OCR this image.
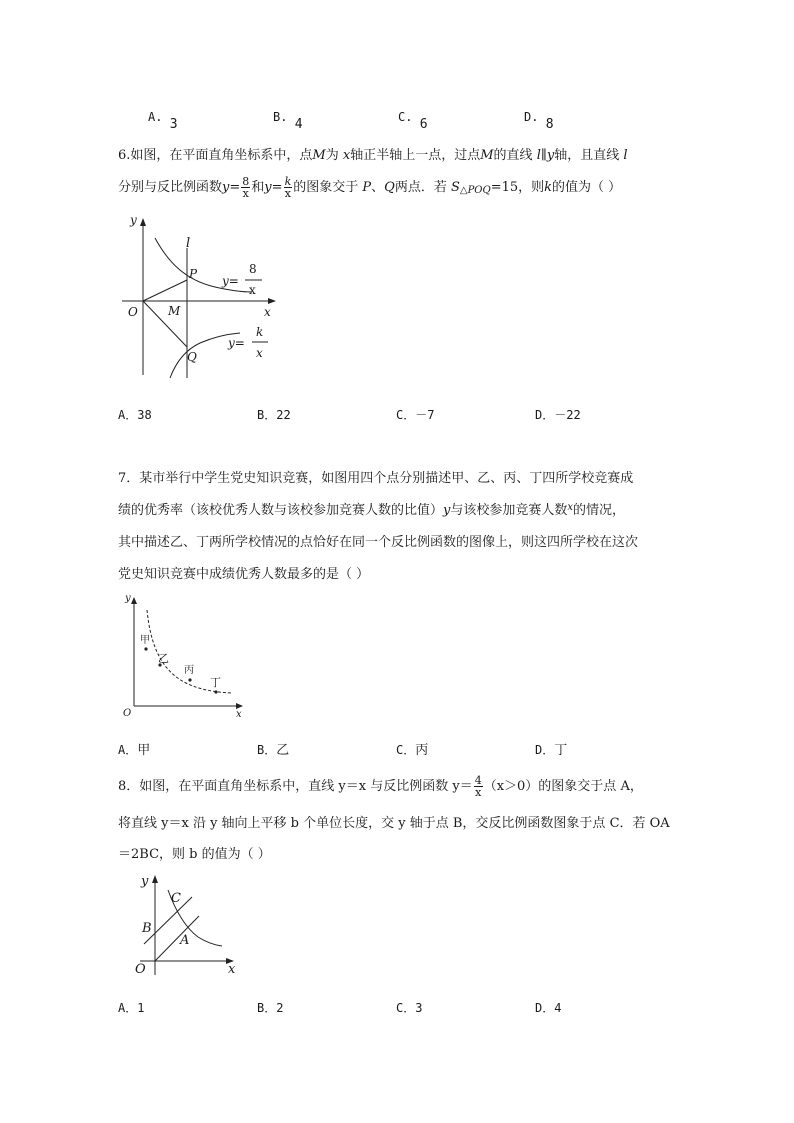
A. 3	B. 4	C. 6	D. 8
6.如图，在平面直角坐标系中，点M为 x轴正半轴上一点，过点M的直线 l∥y轴，且直线 l
分别与反比例函数$y= \frac{8}{x}$ 和$y= \frac{k}{x}$ 的图象交于 P、Q两点．若 $S_{\triangle POQ}=15$，则k的值为（ ）
y
l
P
O	M	x
Q
y=
8
x
y=
k
x
A．38	B．22	C．－7	D．－22
7．某市举行中学生党史知识竞赛，如图用四个点分别描述甲、乙、丙、丁四所学校竞赛成
绩的优秀率（该校优秀人数与该校参加竞赛人数的比值）y与该校参加竞赛人数$^x$的情况，
其中描述乙、丁两所学校情况的点恰好在同一个反比例函数的图像上，则这四所学校在这次
党史知识竞赛中成绩优秀人数最多的是（ ）
y
O	x
甲
乙
丙
丁
A．甲	B．乙	C．丙	D．丁
8．如图，在平面直角坐标系中，直线 y＝x 与反比例函数 $y= \frac{4}{x} (x>0)$的图象交于点 A，
将直线 y＝x 沿 y 轴向上平移 b 个单位长度，交 y 轴于点 B，交反比例函数图象于点 C．若 OA
＝2BC，则 b 的值为（ ）
y
C
B
A
O	x
A．1	B．2	C．3	D．4
